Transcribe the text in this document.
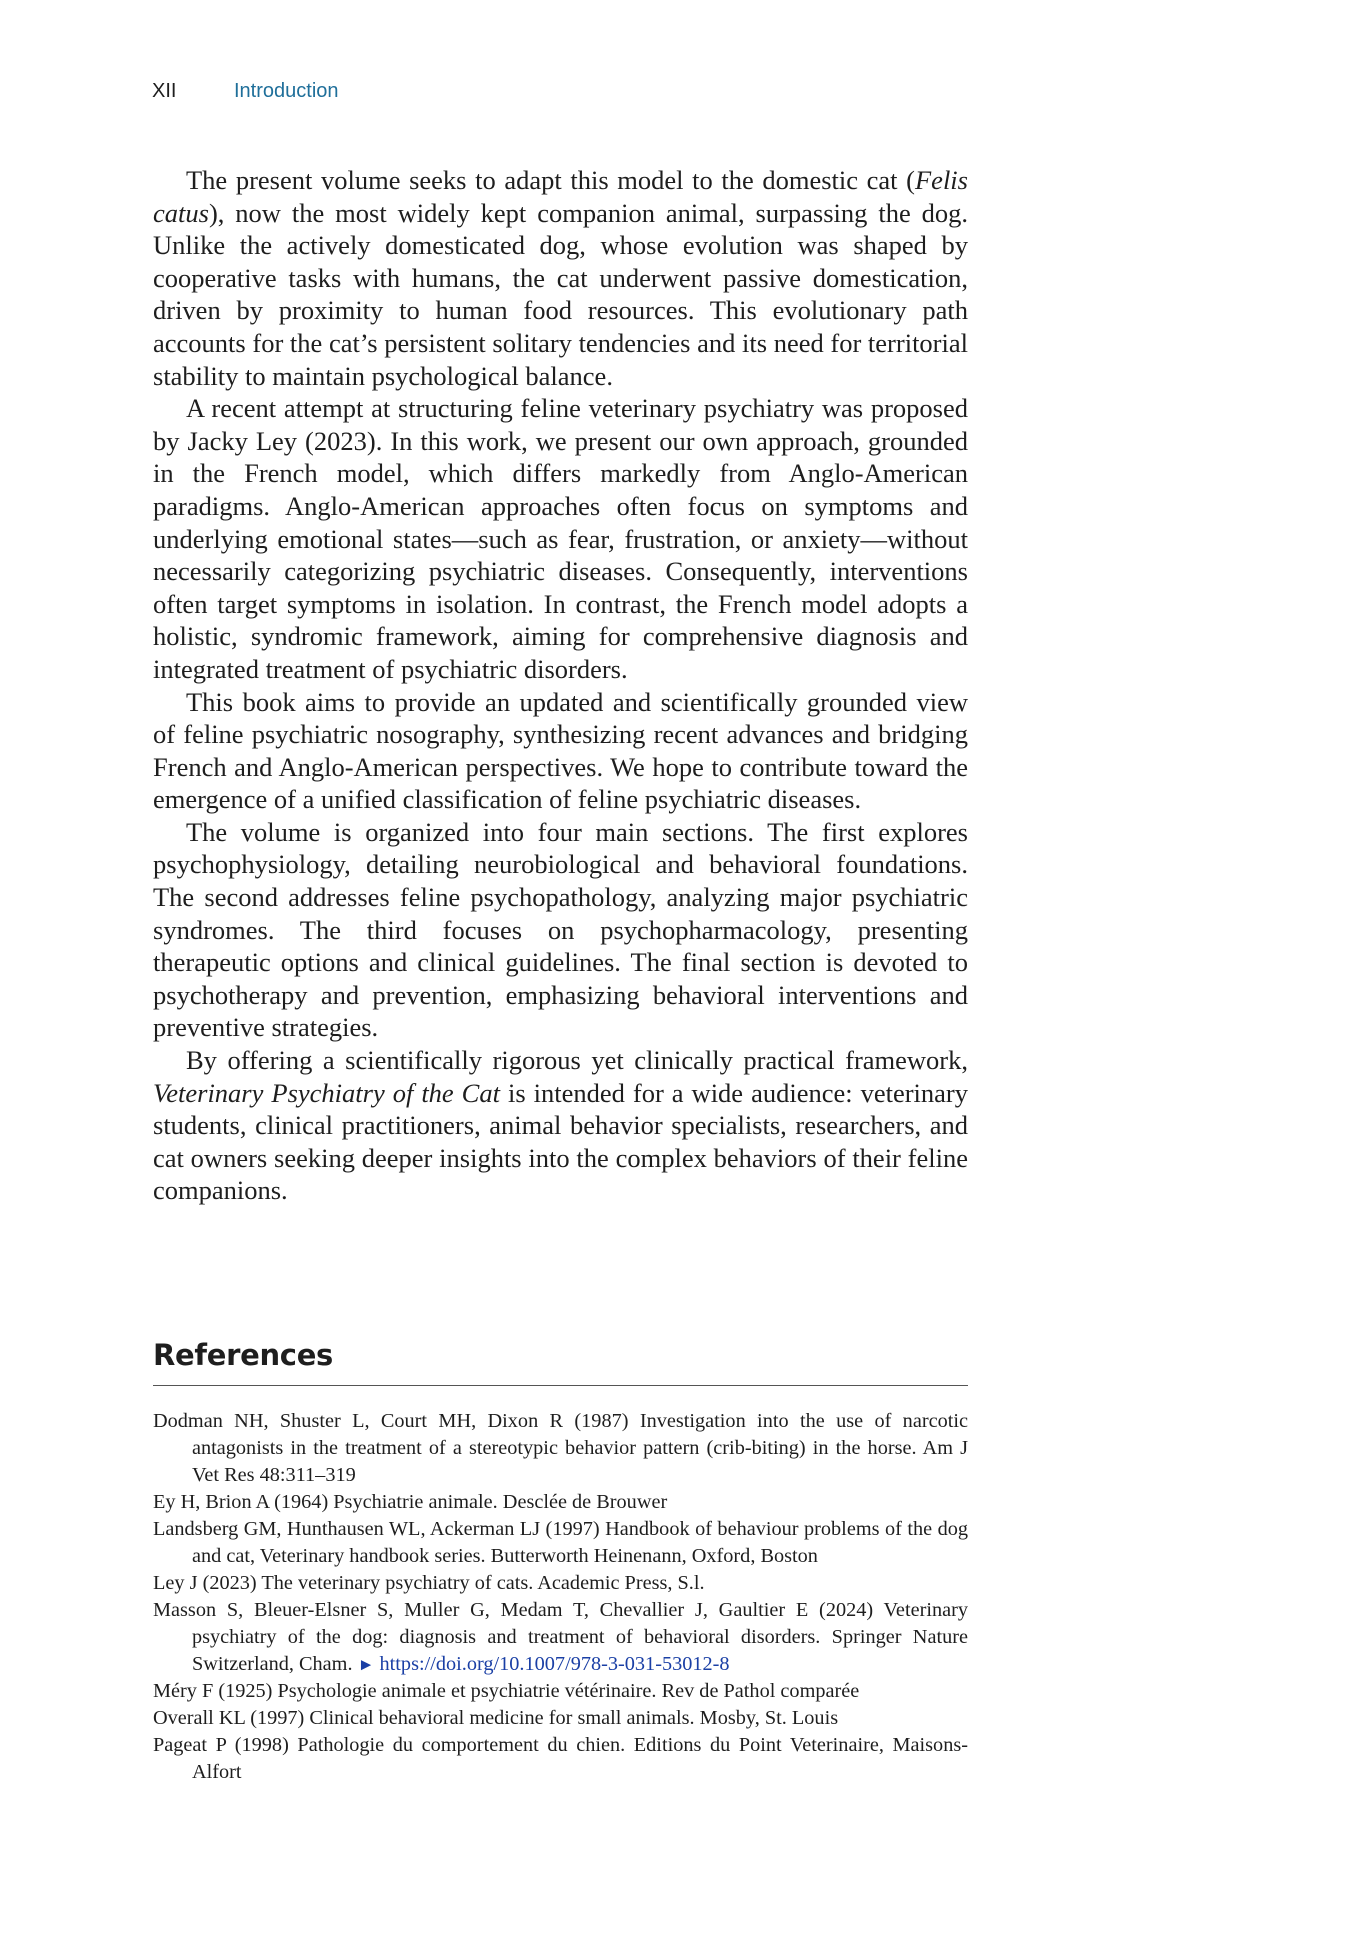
XII	Introduction

The present volume seeks to adapt this model to the domestic cat (Felis catus), now the most widely kept companion animal, surpassing the dog. Unlike the actively domesticated dog, whose evolution was shaped by cooperative tasks with humans, the cat underwent passive domestication, driven by proximity to human food resources. This evolutionary path accounts for the cat’s persistent solitary tendencies and its need for territorial stability to maintain psychological balance.

A recent attempt at structuring feline veterinary psychiatry was proposed by Jacky Ley (2023). In this work, we present our own approach, grounded in the French model, which differs markedly from Anglo-American paradigms. Anglo-American approaches often focus on symptoms and underlying emotional states—such as fear, frustration, or anxiety—without necessarily categorizing psychiatric diseases. Consequently, interventions often target symptoms in isolation. In contrast, the French model adopts a holistic, syndromic framework, aiming for comprehensive diagnosis and integrated treatment of psychiatric disorders.

This book aims to provide an updated and scientifically grounded view of feline psychiatric nosography, synthesizing recent advances and bridging French and Anglo-American perspectives. We hope to contribute toward the emergence of a unified classification of feline psychiatric diseases.

The volume is organized into four main sections. The first explores psychophysiology, detailing neurobiological and behavioral foundations. The second addresses feline psychopathology, analyzing major psychiatric syndromes. The third focuses on psychopharmacology, presenting therapeutic options and clinical guidelines. The final section is devoted to psychotherapy and prevention, emphasizing behavioral interventions and preventive strategies.

By offering a scientifically rigorous yet clinically practical framework, Veterinary Psychiatry of the Cat is intended for a wide audience: veterinary students, clinical practitioners, animal behavior specialists, researchers, and cat owners seeking deeper insights into the complex behaviors of their feline companions.

References
Dodman NH, Shuster L, Court MH, Dixon R (1987) Investigation into the use of narcotic antagonists in the treatment of a stereotypic behavior pattern (crib-biting) in the horse. Am J Vet Res 48:311–319
Ey H, Brion A (1964) Psychiatrie animale. Desclée de Brouwer
Landsberg GM, Hunthausen WL, Ackerman LJ (1997) Handbook of behaviour problems of the dog and cat, Veterinary handbook series. Butterworth Heinenann, Oxford, Boston
Ley J (2023) The veterinary psychiatry of cats. Academic Press, S.l.
Masson S, Bleuer-Elsner S, Muller G, Medam T, Chevallier J, Gaultier E (2024) Veterinary psychiatry of the dog: diagnosis and treatment of behavioral disorders. Springer Nature Switzerland, Cham. ► https://doi.org/10.1007/978-3-031-53012-8
Méry F (1925) Psychologie animale et psychiatrie vétérinaire. Rev de Pathol comparée
Overall KL (1997) Clinical behavioral medicine for small animals. Mosby, St. Louis
Pageat P (1998) Pathologie du comportement du chien. Editions du Point Veterinaire, Maisons-Alfort
